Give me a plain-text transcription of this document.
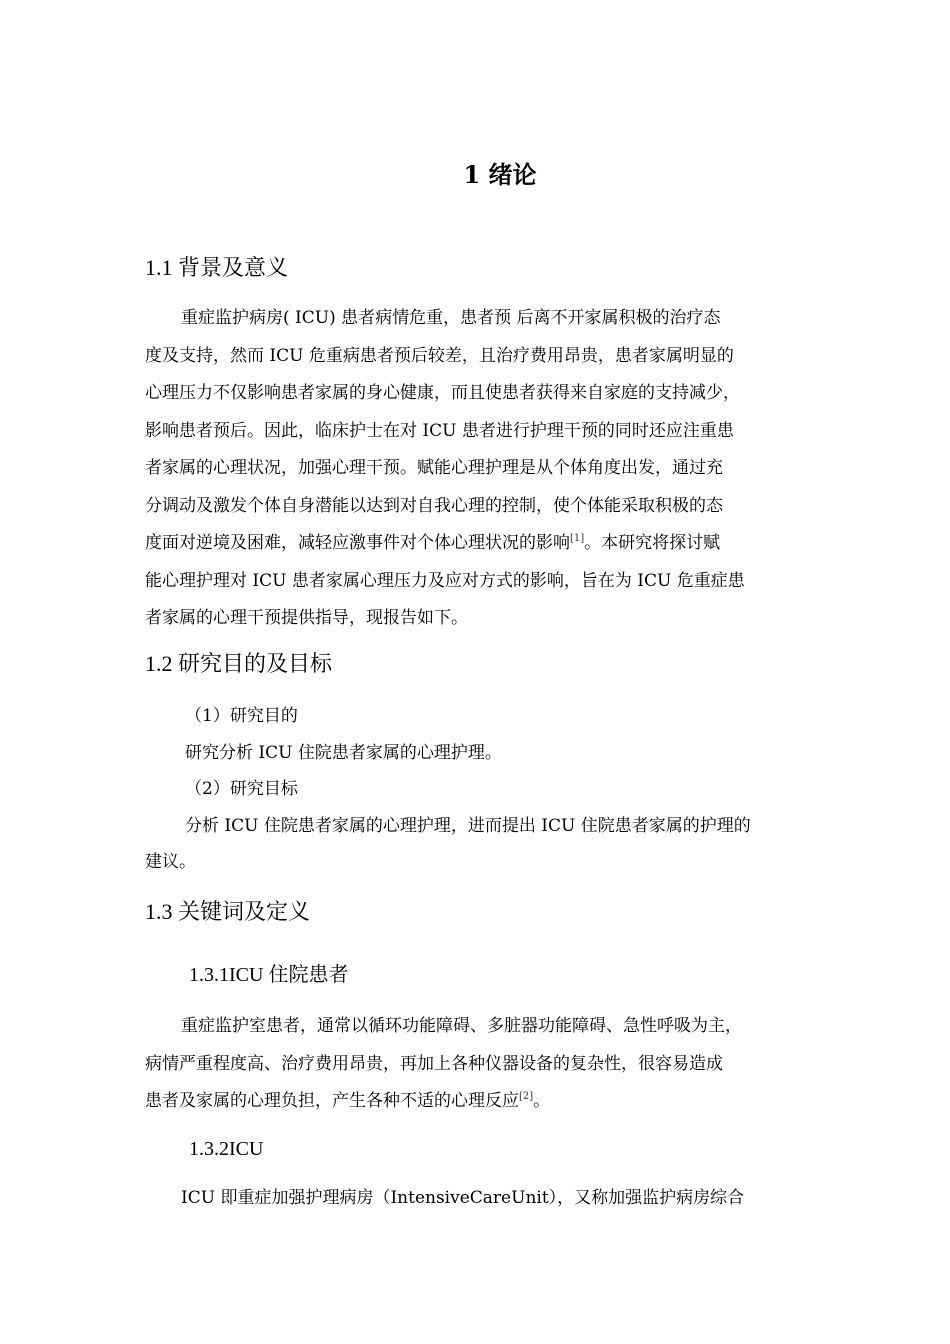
1 绪论
1.1 背景及意义
重症监护病房( ICU) 患者病情危重，患者预 后离不开家属积极的治疗态
度及支持，然而 ICU 危重病患者预后较差，且治疗费用昂贵，患者家属明显的
心理压力不仅影响患者家属的身心健康，而且使患者获得来自家庭的支持减少，
影响患者预后。因此，临床护士在对 ICU 患者进行护理干预的同时还应注重患
者家属的心理状况，加强心理干预。赋能心理护理是从个体角度出发，通过充
分调动及激发个体自身潜能以达到对自我心理的控制，使个体能采取积极的态
度面对逆境及困难，减轻应激事件对个体心理状况的影响[1]。本研究将探讨赋
能心理护理对 ICU 患者家属心理压力及应对方式的影响，旨在为 ICU 危重症患
者家属的心理干预提供指导，现报告如下。
1.2 研究目的及目标
（1）研究目的
研究分析 ICU 住院患者家属的心理护理。
（2）研究目标
分析 ICU 住院患者家属的心理护理，进而提出 ICU 住院患者家属的护理的
建议。
1.3 关键词及定义
1.3.1ICU 住院患者
重症监护室患者，通常以循环功能障碍、多脏器功能障碍、急性呼吸为主，
病情严重程度高、治疗费用昂贵，再加上各种仪器设备的复杂性，很容易造成
患者及家属的心理负担，产生各种不适的心理反应[2]。
1.3.2ICU
ICU 即重症加强护理病房（IntensiveCareUnit），又称加强监护病房综合
